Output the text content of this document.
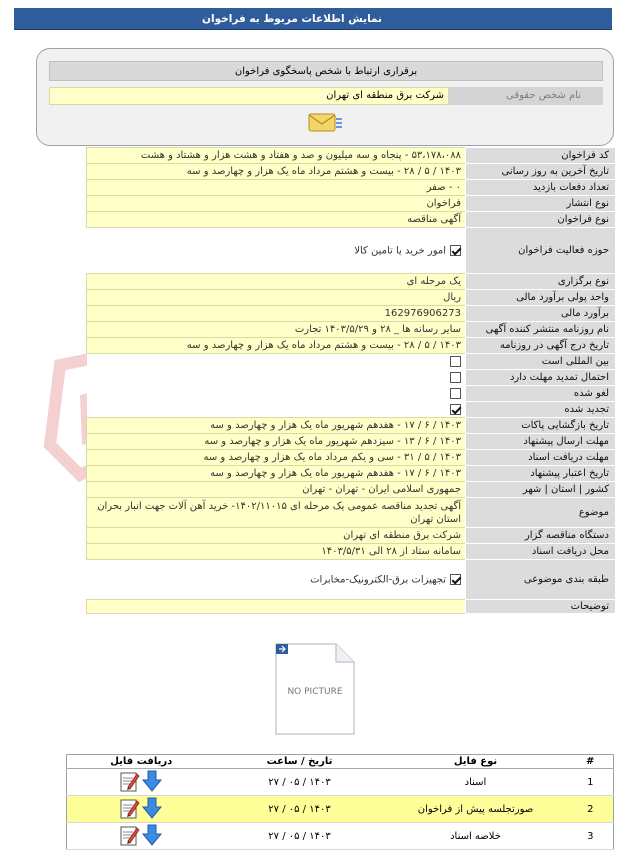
نمایش اطلاعات مربوط به فراخوان
برقراری ارتباط با شخص پاسخگوی فراخوان
نام شخص حقوقی
شرکت برق منطقه ای تهران
کد فراخوان	۵۳،۱۷۸،۰۸۸ - پنجاه و سه میلیون و صد و هفتاد و هشت هزار و هشتاد و هشت
تاریخ آخرین به روز رسانی	۱۴۰۳ / ۵ / ۲۸ - بیست و هشتم مرداد ماه یک هزار و چهارصد و سه
تعداد دفعات بازدید	۰ - صفر
نوع انتشار	فراخوان
نوع فراخوان	آگهی مناقصه
حوزه فعالیت فراخوان	امور خرید یا تامین کالا
نوع برگزاری	یک مرحله ای
واحد پولی برآورد مالی	ریال
برآورد مالی	162976906273
نام روزنامه منتشر کننده آگهی	سایر رسانه ها _ ۲۸ و ۱۴۰۳/۵/۲۹ تجارت
تاریخ درج آگهی در روزنامه	۱۴۰۳ / ۵ / ۲۸ - بیست و هشتم مرداد ماه یک هزار و چهارصد و سه
بین المللی است	
احتمال تمدید مهلت دارد	
لغو شده	
تجدید شده	
تاریخ بازگشایی پاکات	۱۴۰۳ / ۶ / ۱۷ - هفدهم شهریور ماه یک هزار و چهارصد و سه
مهلت ارسال پیشنهاد	۱۴۰۳ / ۶ / ۱۳ - سیزدهم شهریور ماه یک هزار و چهارصد و سه
مهلت دریافت اسناد	۱۴۰۳ / ۵ / ۳۱ - سی و یکم مرداد ماه یک هزار و چهارصد و سه
تاریخ اعتبار پیشنهاد	۱۴۰۳ / ۶ / ۱۷ - هفدهم شهریور ماه یک هزار و چهارصد و سه
کشور | استان | شهر	جمهوری اسلامی ایران - تهران - تهران
موضوع	آگهی تجدید مناقصه عمومی یک مرحله ای ۱۴۰۲/۱۱۰۱۵- خرید آهن آلات جهت انبار بحران استان تهران
دستگاه مناقصه گزار	شرکت برق منطقه ای تهران
محل دریافت اسناد	سامانه ستاد از ۲۸ الی ۱۴۰۳/۵/۳۱
طبقه بندی موضوعی	تجهیزات برق-الکترونیک-مخابرات
توضیحات	
NO PICTURE
#	نوع فایل	تاریخ / ساعت	دریافت فایل
1	اسناد	۱۴۰۳ / ۰۵ / ۲۷	

2	صورتجلسه پیش از فراخوان	۱۴۰۳ / ۰۵ / ۲۷	

3	خلاصه اسناد	۱۴۰۳ / ۰۵ / ۲۷	
